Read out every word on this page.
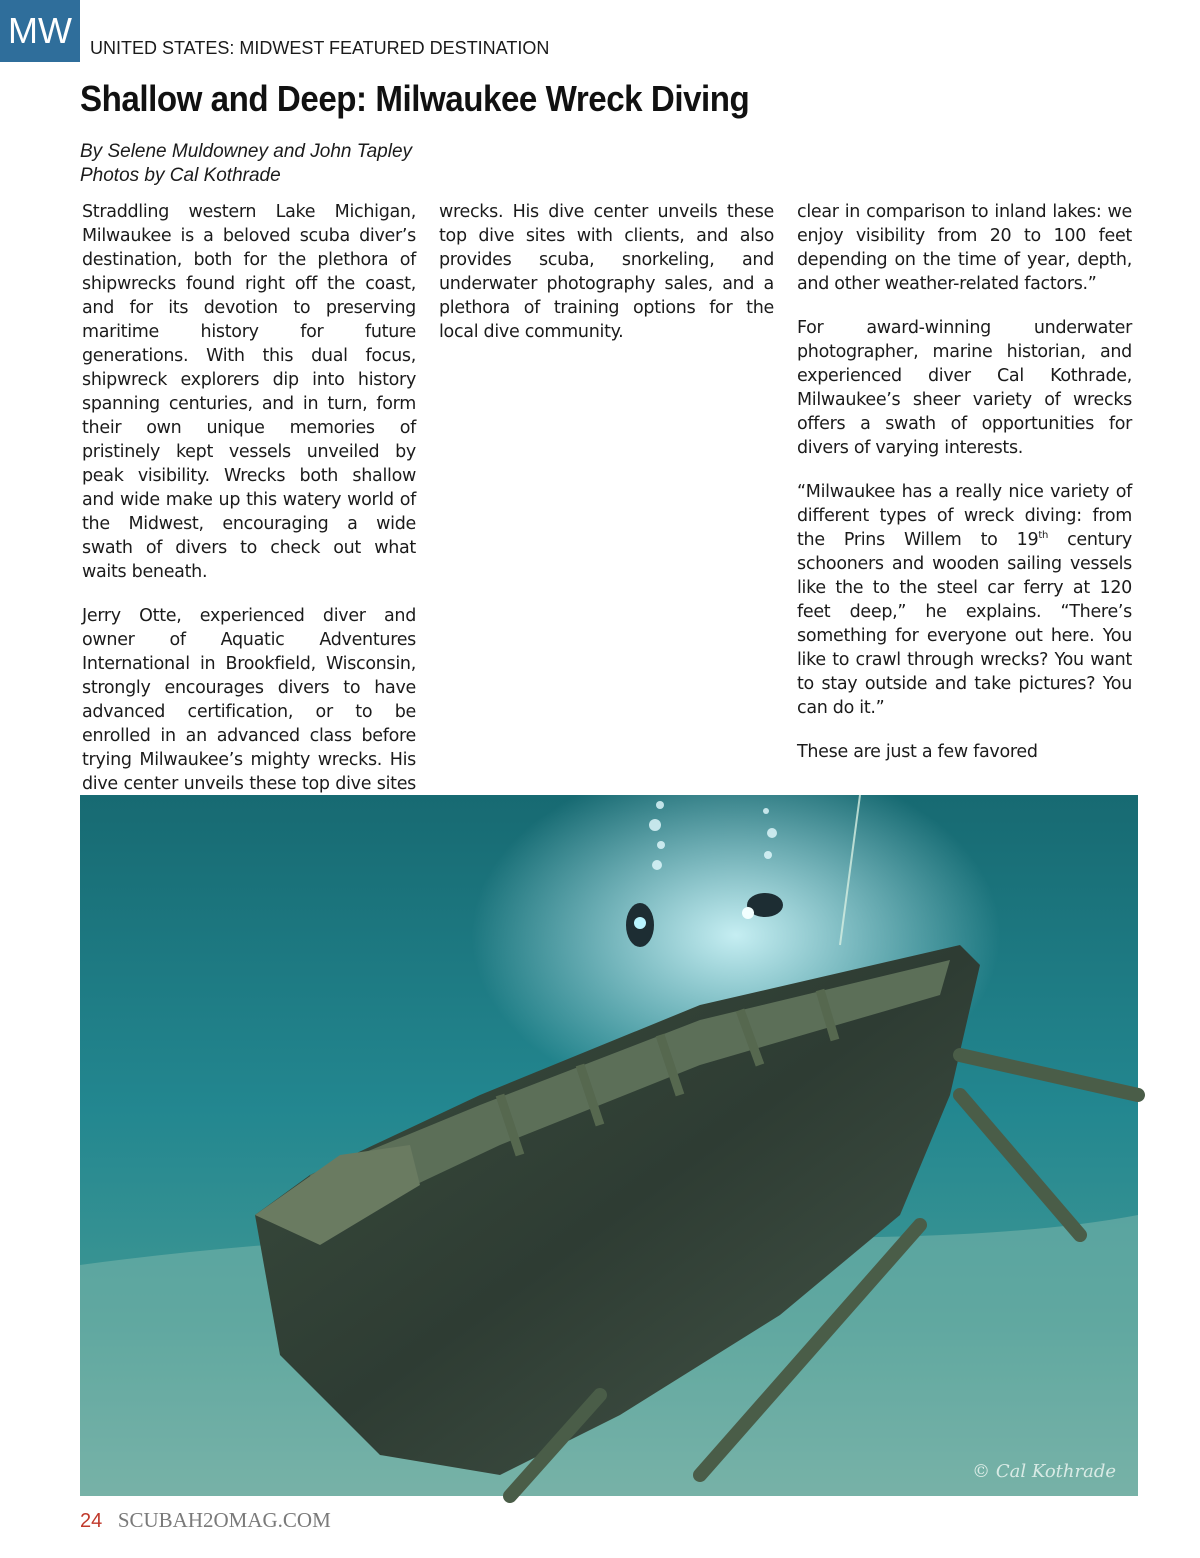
MW	UNITED STATES: MIDWEST FEATURED DESTINATION
Shallow and Deep: Milwaukee Wreck Diving
By Selene Muldowney and John Tapley
Photos by Cal Kothrade

Straddling western Lake Michigan, Milwaukee is a beloved scuba diver’s destination, both for the plethora of shipwrecks found right off the coast, and for its devotion to preserving maritime history for future generations. With this dual focus, shipwreck explorers dip into history spanning centuries, and in turn, form their own unique memories of pristinely kept vessels unveiled by peak visibility. Wrecks both shallow and wide make up this watery world of the Midwest, encouraging a wide swath of divers to check out what waits beneath.

Jerry Otte, experienced diver and owner of Aquatic Adventures International in Brookfield, Wisconsin, strongly encourages divers to have advanced certification, or to be enrolled in an advanced class before trying Milwaukee’s mighty wrecks. His dive center unveils these top dive sites

wrecks. His dive center unveils these top dive sites with clients, and also provides scuba, snorkeling, and underwater photography sales, and a plethora of training options for the local dive community.

clear in comparison to inland lakes: we enjoy visibility from 20 to 100 feet depending on the time of year, depth, and other weather-related factors.”

For award-winning underwater photographer, marine historian, and experienced diver Cal Kothrade, Milwaukee’s sheer variety of wrecks offers a swath of opportunities for divers of varying interests.

“Milwaukee has a really nice variety of different types of wreck diving: from the Prins Willem to 19th century schooners and wooden sailing vessels like the to the steel car ferry at 120 feet deep,” he explains. “There’s something for everyone out here. You like to crawl through wrecks? You want to stay outside and take pictures? You can do it.”

These are just a few favored

© Cal Kothrade
24 SCUBAH2OMAG.COM
